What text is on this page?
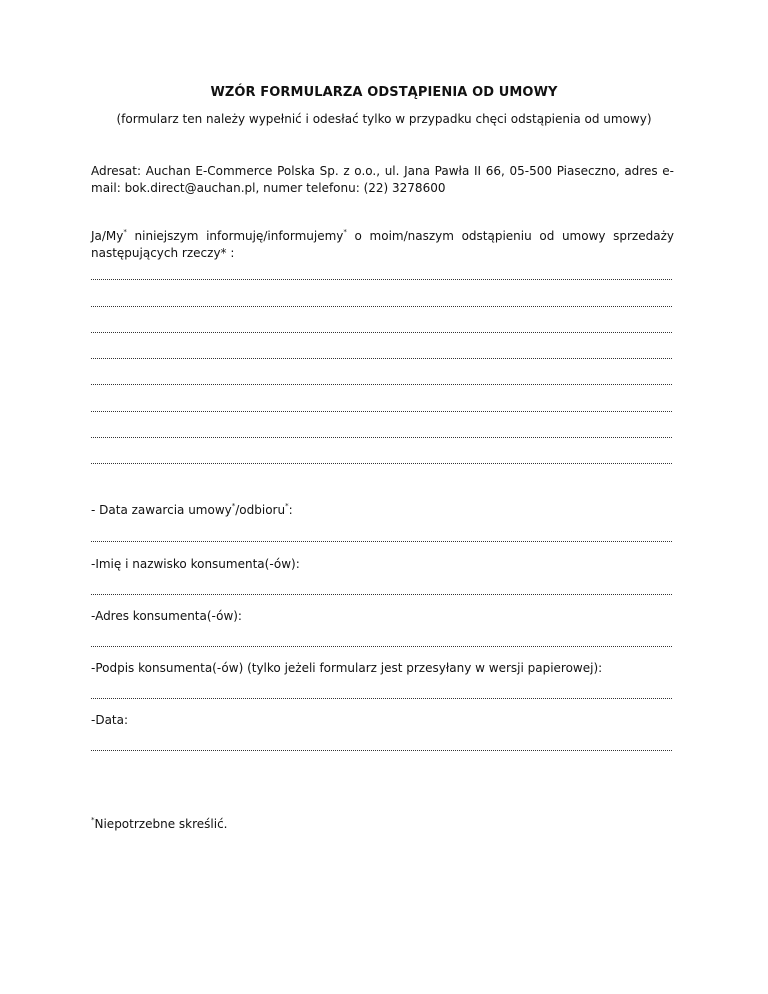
WZÓR FORMULARZA ODSTĄPIENIA OD UMOWY
(formularz ten należy wypełnić i odesłać tylko w przypadku chęci odstąpienia od umowy)
Adresat: Auchan E-Commerce Polska Sp. z o.o., ul. Jana Pawła II 66, 05-500 Piaseczno, adres e-mail: bok.direct@auchan.pl, numer telefonu: (22) 3278600
Ja/My* niniejszym informuję/informujemy* o moim/naszym odstąpieniu od umowy sprzedaży następujących rzeczy* :
- Data zawarcia umowy*/odbioru*:
-Imię i nazwisko konsumenta(-ów):
-Adres konsumenta(-ów):
-Podpis konsumenta(-ów) (tylko jeżeli formularz jest przesyłany w wersji papierowej):
-Data:
*Niepotrzebne skreślić.
